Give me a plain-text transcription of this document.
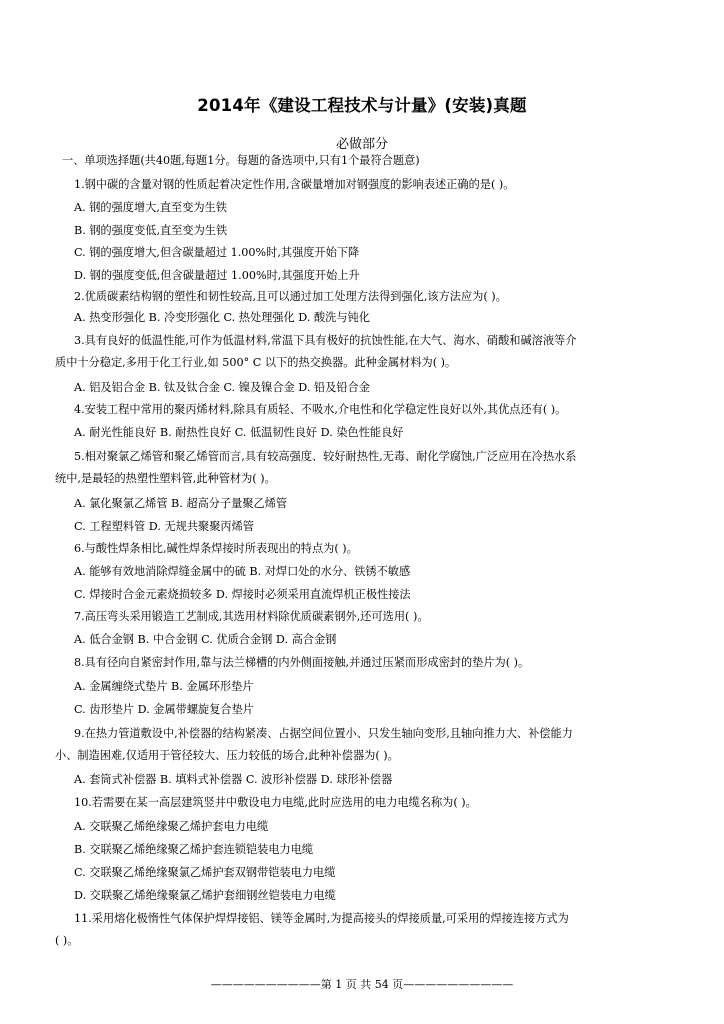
2014年《建设工程技术与计量》(安装)真题
必做部分
一、单项选择题(共40题,每题1分。每题的备选项中,只有1个最符合题意)
1.钢中碳的含量对钢的性质起着决定性作用,含碳量增加对钢强度的影响表述正确的是( )。
A. 钢的强度增大,直至变为生铁
B. 钢的强度变低,直至变为生铁
C. 钢的强度增大,但含碳量超过 1.00%时,其强度开始下降
D. 钢的强度变低,但含碳量超过 1.00%时,其强度开始上升
2.优质碳素结构钢的塑性和韧性较高,且可以通过加工处理方法得到强化,该方法应为( )。
A. 热变形强化 B. 冷变形强化 C. 热处理强化 D. 酸洗与钝化
3.具有良好的低温性能,可作为低温材料,常温下具有极好的抗蚀性能,在大气、海水、硝酸和碱溶液等介
质中十分稳定,多用于化工行业,如 500° C 以下的热交换器。此种金属材料为( )。
A. 铝及铝合金 B. 钛及钛合金 C. 镍及镍合金 D. 铅及铅合金
4.安装工程中常用的聚丙烯材料,除具有质轻、不吸水,介电性和化学稳定性良好以外,其优点还有( )。
A. 耐光性能良好 B. 耐热性良好 C. 低温韧性良好 D. 染色性能良好
5.相对聚氯乙烯管和聚乙烯管而言,具有较高强度、较好耐热性,无毒、耐化学腐蚀,广泛应用在冷热水系
统中,是最轻的热塑性塑料管,此种管材为( )。
A. 氯化聚氯乙烯管 B. 超高分子量聚乙烯管
C. 工程塑料管 D. 无规共聚聚丙烯管
6.与酸性焊条相比,碱性焊条焊接时所表现出的特点为( )。
A. 能够有效地消除焊缝金属中的硫 B. 对焊口处的水分、铁锈不敏感
C. 焊接时合金元素烧损较多 D. 焊接时必须采用直流焊机正极性接法
7.高压弯头采用锻造工艺制成,其选用材料除优质碳素钢外,还可选用( )。
A. 低合金钢 B. 中合金钢 C. 优质合金钢 D. 高合金钢
8.具有径向自紧密封作用,靠与法兰梯槽的内外侧面接触,并通过压紧而形成密封的垫片为( )。
A. 金属缠绕式垫片 B. 金属环形垫片
C. 齿形垫片 D. 金属带螺旋复合垫片
9.在热力管道敷设中,补偿器的结构紧凑、占据空间位置小、只发生轴向变形,且轴向推力大、补偿能力
小、制造困难,仅适用于管径较大、压力较低的场合,此种补偿器为( )。
A. 套筒式补偿器 B. 填料式补偿器 C. 波形补偿器 D. 球形补偿器
10.若需要在某一高层建筑竖井中敷设电力电缆,此时应选用的电力电缆名称为( )。
A. 交联聚乙烯绝缘聚乙烯护套电力电缆
B. 交联聚乙烯绝缘聚乙烯护套连锁铠装电力电缆
C. 交联聚乙烯绝缘聚氯乙烯护套双钢带铠装电力电缆
D. 交联聚乙烯绝缘聚氯乙烯护套细钢丝铠装电力电缆
11.采用熔化极惰性气体保护焊焊接铝、镁等金属时,为提高接头的焊接质量,可采用的焊接连接方式为
( )。
——————————第 1 页 共 54 页——————————
